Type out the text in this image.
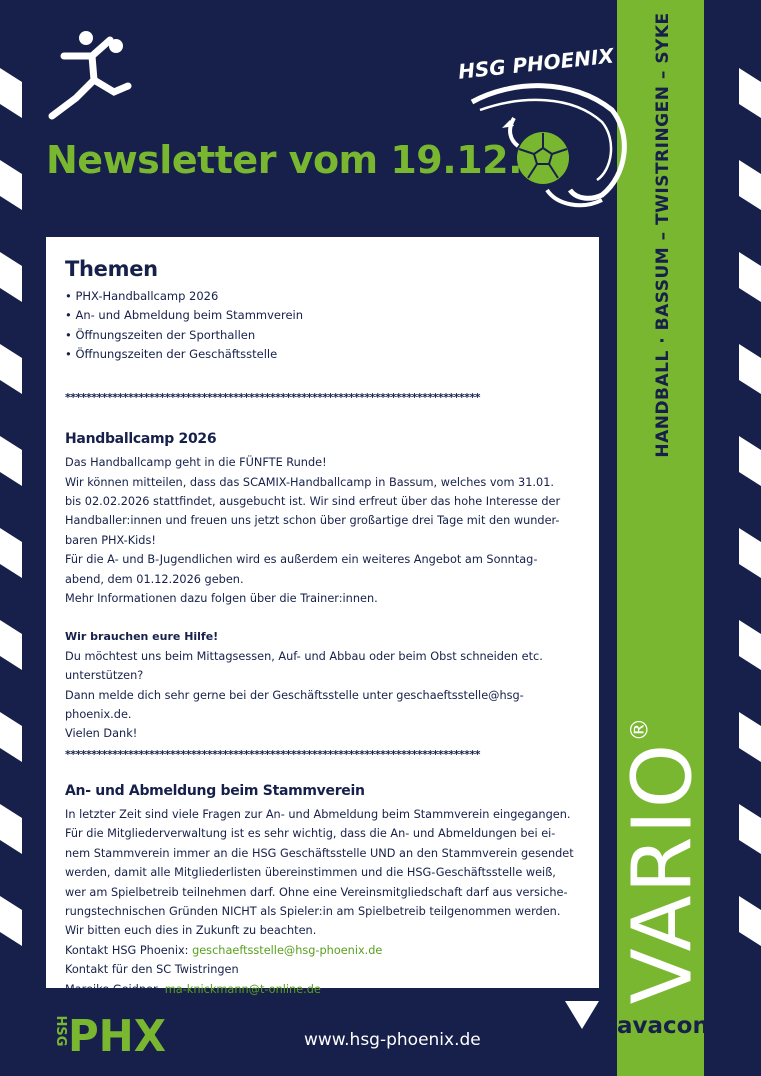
HANDBALL · BASSUM – TWISTRINGEN – SYKE
VARIO®
avacon
HSG PHOENIX
Newsletter vom 19.12.
Themen
• PHX-Handballcamp 2026
• An- und Abmeldung beim Stammverein
• Öffnungszeiten der Sporthallen
• Öffnungszeiten der Geschäftsstelle
*******************************************************************************
Handballcamp 2026

Das Handballcamp geht in die FÜNFTE Runde!

Wir können mitteilen, dass das SCAMIX-Handballcamp in Bassum, welches vom 31.01.

bis 02.02.2026 stattfindet, ausgebucht ist. Wir sind erfreut über das hohe Interesse der

Handballer:innen und freuen uns jetzt schon über großartige drei Tage mit den wunder-

baren PHX-Kids!

Für die A- und B-Jugendlichen wird es außerdem ein weiteres Angebot am Sonntag-

abend, dem 01.12.2026 geben.

Mehr Informationen dazu folgen über die Trainer:innen.

Wir brauchen eure Hilfe!

Du möchtest uns beim Mittagsessen, Auf- und Abbau oder beim Obst schneiden etc.

unterstützen?

Dann melde dich sehr gerne bei der Geschäftsstelle unter geschaeftsstelle@hsg-phoenix.de.

Vielen Dank!

*******************************************************************************
An- und Abmeldung beim Stammverein

In letzter Zeit sind viele Fragen zur An- und Abmeldung beim Stammverein eingegangen.

Für die Mitgliederverwaltung ist es sehr wichtig, dass die An- und Abmeldungen bei ei-

nem Stammverein immer an die HSG Geschäftsstelle UND an den Stammverein gesendet

werden, damit alle Mitgliederlisten übereinstimmen und die HSG-Geschäftsstelle weiß,

wer am Spielbetreib teilnehmen darf. Ohne eine Vereinsmitgliedschaft darf aus versiche-

rungstechnischen Gründen NICHT als Spieler:in am Spielbetreib teilgenommen werden.

Wir bitten euch dies in Zukunft zu beachten.

Kontakt HSG Phoenix: geschaeftsstelle@hsg-phoenix.de

Kontakt für den SC Twistringen

Mareike Geidner, ma-knickmann@t-online.de

HSG PHX	www.hsg-phoenix.de
